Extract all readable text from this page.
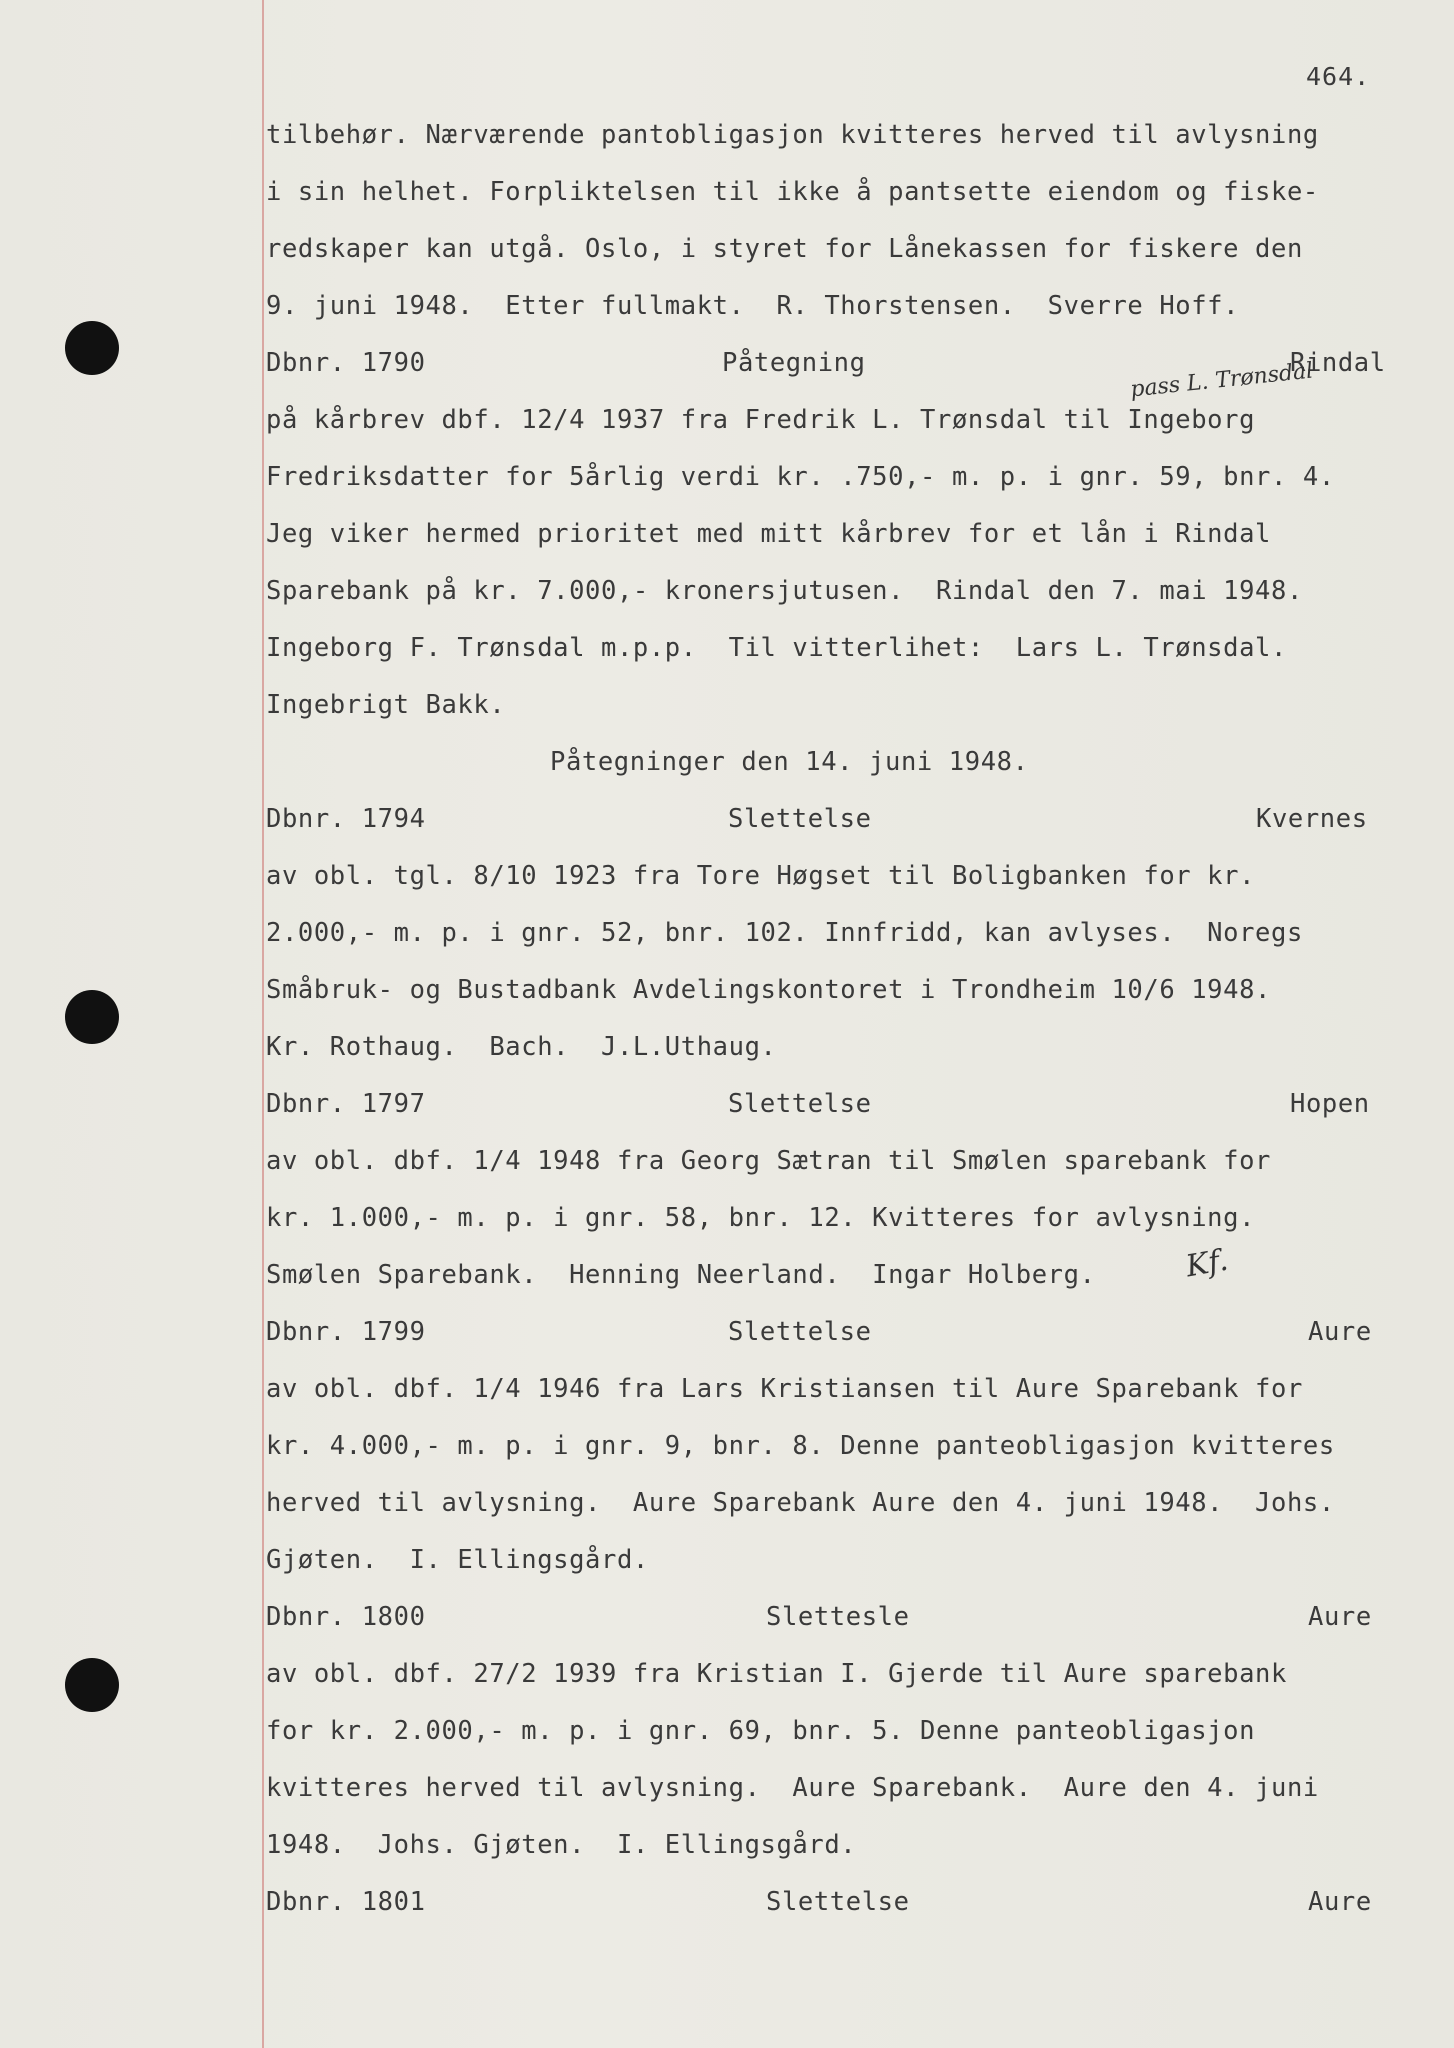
464.
tilbehør. Nærværende pantobligasjon kvitteres herved til avlysning
i sin helhet. Forpliktelsen til ikke å pantsette eiendom og fiske-
redskaper kan utgå. Oslo, i styret for Lånekassen for fiskere den
9. juni 1948.  Etter fullmakt.  R. Thorstensen.  Sverre Hoff.
Dbnr. 1790	Påtegning	Rindal
pass L. Trønsdal
på kårbrev dbf. 12/4 1937 fra Fredrik L. Trønsdal til Ingeborg
Fredriksdatter for 5årlig verdi kr. .750,- m. p. i gnr. 59, bnr. 4.
Jeg viker hermed prioritet med mitt kårbrev for et lån i Rindal
Sparebank på kr. 7.000,- kronersjutusen.  Rindal den 7. mai 1948.
Ingeborg F. Trønsdal m.p.p.  Til vitterlihet:  Lars L. Trønsdal.
Ingebrigt Bakk.
Påtegninger den 14. juni 1948.
Dbnr. 1794	Slettelse	Kvernes
av obl. tgl. 8/10 1923 fra Tore Høgset til Boligbanken for kr.
2.000,- m. p. i gnr. 52, bnr. 102. Innfridd, kan avlyses.  Noregs
Småbruk- og Bustadbank Avdelingskontoret i Trondheim 10/6 1948.
Kr. Rothaug.  Bach.  J.L.Uthaug.
Dbnr. 1797	Slettelse	Hopen
av obl. dbf. 1/4 1948 fra Georg Sætran til Smølen sparebank for
kr. 1.000,- m. p. i gnr. 58, bnr. 12. Kvitteres for avlysning.
Smølen Sparebank.  Henning Neerland.  Ingar Holberg.	Kf.
Dbnr. 1799	Slettelse	Aure
av obl. dbf. 1/4 1946 fra Lars Kristiansen til Aure Sparebank for
kr. 4.000,- m. p. i gnr. 9, bnr. 8. Denne panteobligasjon kvitteres
herved til avlysning.  Aure Sparebank Aure den 4. juni 1948.  Johs.
Gjøten.  I. Ellingsgård.
Dbnr. 1800	Slettesle	Aure
av obl. dbf. 27/2 1939 fra Kristian I. Gjerde til Aure sparebank
for kr. 2.000,- m. p. i gnr. 69, bnr. 5. Denne panteobligasjon
kvitteres herved til avlysning.  Aure Sparebank.  Aure den 4. juni
1948.  Johs. Gjøten.  I. Ellingsgård.
Dbnr. 1801	Slettelse	Aure
